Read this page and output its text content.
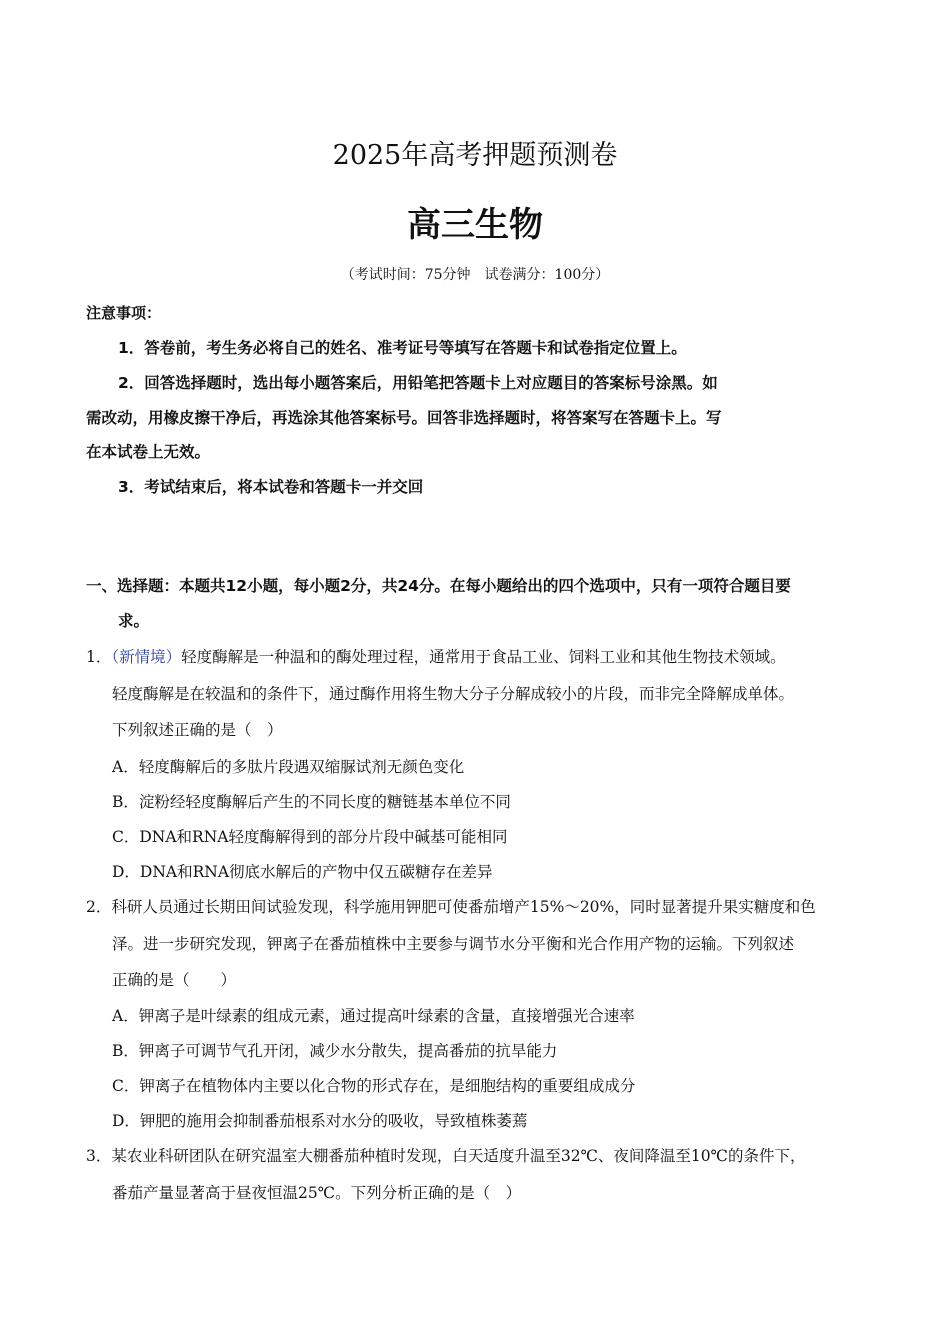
2025年高考押题预测卷
高三生物
（考试时间：75分钟　试卷满分：100分）
注意事项：
1．答卷前，考生务必将自己的姓名、准考证号等填写在答题卡和试卷指定位置上。
2．回答选择题时，选出每小题答案后，用铅笔把答题卡上对应题目的答案标号涂黑。如
需改动，用橡皮擦干净后，再选涂其他答案标号。回答非选择题时，将答案写在答题卡上。写
在本试卷上无效。
3．考试结束后，将本试卷和答题卡一并交回
一、选择题：本题共12小题，每小题2分，共24分。在每小题给出的四个选项中，只有一项符合题目要
求。
1．（新情境）轻度酶解是一种温和的酶处理过程，通常用于食品工业、饲料工业和其他生物技术领域。
轻度酶解是在较温和的条件下，通过酶作用将生物大分子分解成较小的片段，而非完全降解成单体。
下列叙述正确的是（　）
A．轻度酶解后的多肽片段遇双缩脲试剂无颜色变化
B．淀粉经轻度酶解后产生的不同长度的糖链基本单位不同
C．DNA和RNA轻度酶解得到的部分片段中碱基可能相同
D．DNA和RNA彻底水解后的产物中仅五碳糖存在差异
2．科研人员通过长期田间试验发现，科学施用钾肥可使番茄增产15%～20%，同时显著提升果实糖度和色
泽。进一步研究发现，钾离子在番茄植株中主要参与调节水分平衡和光合作用产物的运输。下列叙述
正确的是（　　）
A．钾离子是叶绿素的组成元素，通过提高叶绿素的含量，直接增强光合速率
B．钾离子可调节气孔开闭，减少水分散失，提高番茄的抗旱能力
C．钾离子在植物体内主要以化合物的形式存在，是细胞结构的重要组成成分
D．钾肥的施用会抑制番茄根系对水分的吸收，导致植株萎蔫
3．某农业科研团队在研究温室大棚番茄种植时发现，白天适度升温至32℃、夜间降温至10℃的条件下，
番茄产量显著高于昼夜恒温25℃。下列分析正确的是（　）
